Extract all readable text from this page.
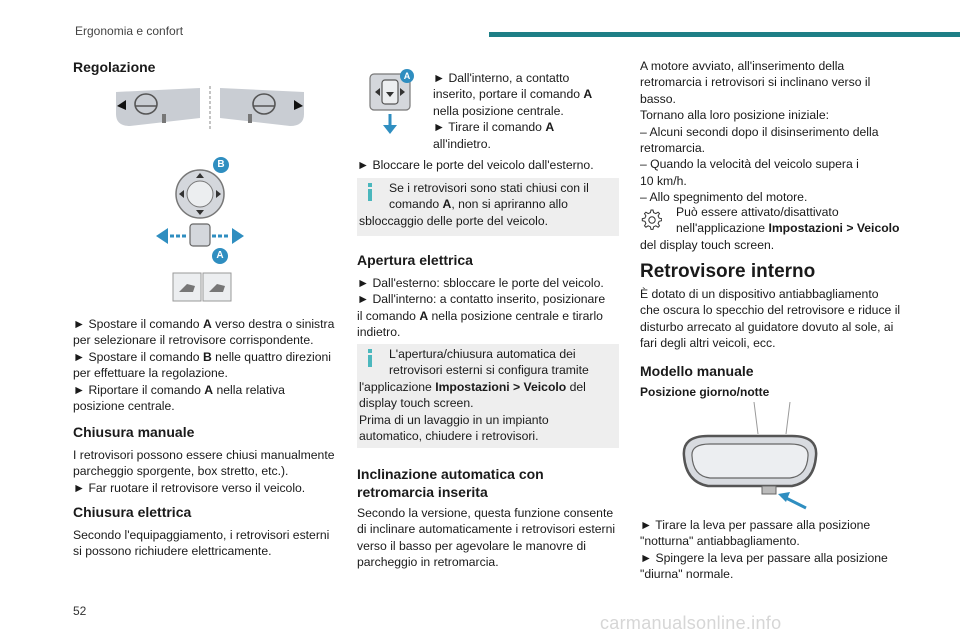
Ergonomia e confort
Regolazione
B
A
► Spostare il comando A verso destra o sinistra
per selezionare il retrovisore corrispondente.
► Spostare il comando B nelle quattro direzioni
per effettuare la regolazione.
► Riportare il comando A nella relativa
posizione centrale.
Chiusura manuale
I retrovisori possono essere chiusi manualmente
parcheggio sporgente, box stretto, etc.).
► Far ruotare il retrovisore verso il veicolo.
Chiusura elettrica
Secondo l'equipaggiamento, i retrovisori esterni
si possono richiudere elettricamente.
52
A	► Dall'interno, a contatto
inserito, portare il comando A
nella posizione centrale.
► Tirare il comando A
all'indietro.
► Bloccare le porte del veicolo dall'esterno.
Se i retrovisori sono stati chiusi con il
comando A, non si apriranno allo
sbloccaggio delle porte del veicolo.
Apertura elettrica
► Dall'esterno: sbloccare le porte del veicolo.
► Dall'interno: a contatto inserito, posizionare
il comando A nella posizione centrale e tirarlo
indietro.
L'apertura/chiusura automatica dei
retrovisori esterni si configura tramite
l'applicazione Impostazioni > Veicolo del
display touch screen.
Prima di un lavaggio in un impianto
automatico, chiudere i retrovisori.
Inclinazione automatica con
retromarcia inserita
Secondo la versione, questa funzione consente
di inclinare automaticamente i retrovisori esterni
verso il basso per agevolare le manovre di
parcheggio in retromarcia.
A motore avviato, all'inserimento della
retromarcia i retrovisori si inclinano verso il
basso.
Tornano alla loro posizione iniziale:
– Alcuni secondi dopo il disinserimento della
retromarcia.
– Quando la velocità del veicolo supera i
10 km/h.
– Allo spegnimento del motore.
Può essere attivato/disattivato
nell'applicazione Impostazioni > Veicolo
del display touch screen.
Retrovisore interno
È dotato di un dispositivo antiabbagliamento
che oscura lo specchio del retrovisore e riduce il
disturbo arrecato al guidatore dovuto al sole, ai
fari degli altri veicoli, ecc.
Modello manuale
Posizione giorno/notte
► Tirare la leva per passare alla posizione
"notturna" antiabbagliamento.
► Spingere la leva per passare alla posizione
"diurna" normale.
carmanualsonline.info
